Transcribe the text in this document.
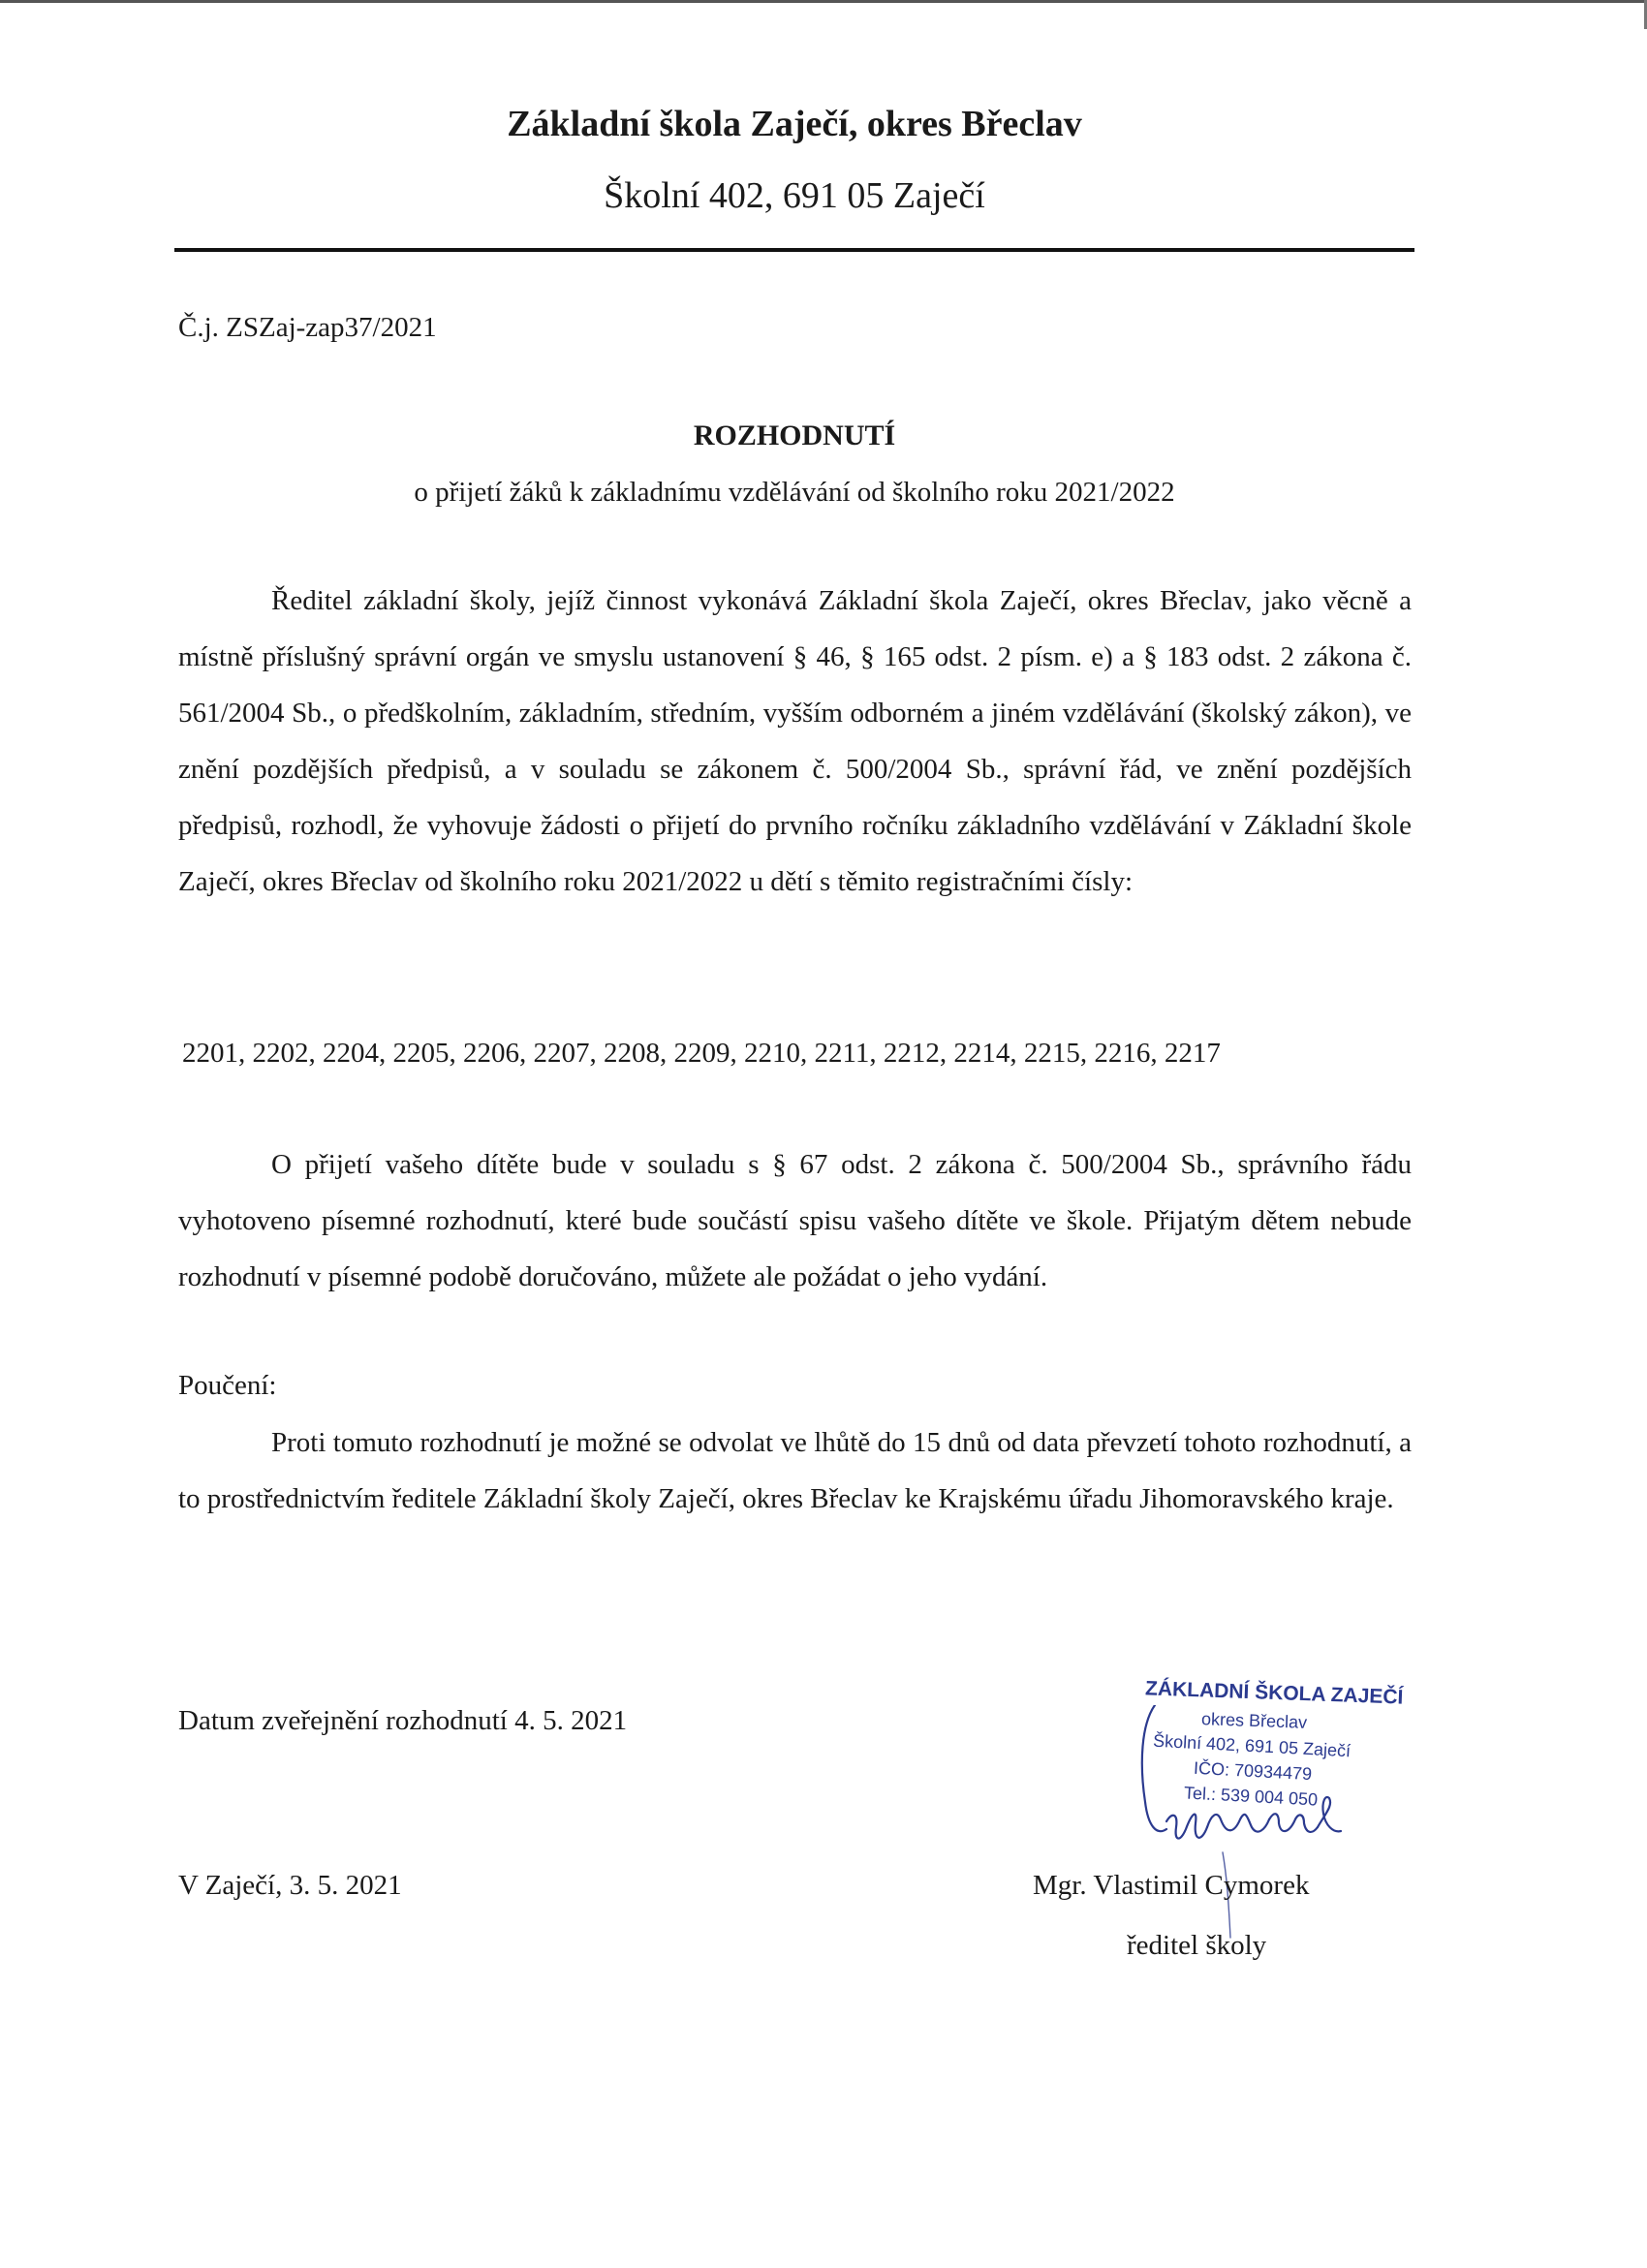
Základní škola Zaječí, okres Břeclav
Školní 402, 691 05 Zaječí
Č.j. ZSZaj-zap37/2021
ROZHODNUTÍ
o přijetí žáků k základnímu vzdělávání od školního roku 2021/2022

Ředitel základní školy, jejíž činnost vykonává Základní škola Zaječí, okres Břeclav, jako věcně a místně příslušný správní orgán ve smyslu ustanovení § 46, § 165 odst. 2 písm. e) a § 183 odst. 2 zákona č. 561/2004 Sb., o předškolním, základním, středním, vyšším odborném a jiném vzdělávání (školský zákon), ve znění pozdějších předpisů, a v souladu se zákonem č. 500/2004 Sb., správní řád, ve znění pozdějších předpisů, rozhodl, že vyhovuje žádosti o přijetí do prvního ročníku základního vzdělávání v Základní škole Zaječí, okres Břeclav od školního roku 2021/2022 u dětí s těmito registračními čísly:

2201, 2202, 2204, 2205, 2206, 2207, 2208, 2209, 2210, 2211, 2212, 2214, 2215, 2216, 2217

O přijetí vašeho dítěte bude v souladu s § 67 odst. 2 zákona č. 500/2004 Sb., správního řádu vyhotoveno písemné rozhodnutí, které bude součástí spisu vašeho dítěte ve škole. Přijatým dětem nebude rozhodnutí v písemné podobě doručováno, můžete ale požádat o jeho vydání.

Poučení:

Proti tomuto rozhodnutí je možné se odvolat ve lhůtě do 15 dnů od data převzetí tohoto rozhodnutí, a to prostřednictvím ředitele Základní školy Zaječí, okres Břeclav ke Krajskému úřadu Jihomoravského kraje.

Datum zveřejnění rozhodnutí 4. 5. 2021
V Zaječí, 3. 5. 2021
ZÁKLADNÍ ŠKOLA ZAJEČÍ
okres Břeclav
Školní 402, 691 05 Zaječí
IČO: 70934479
Tel.: 539 004 050
Mgr. Vlastimil Cymorek
ředitel školy
